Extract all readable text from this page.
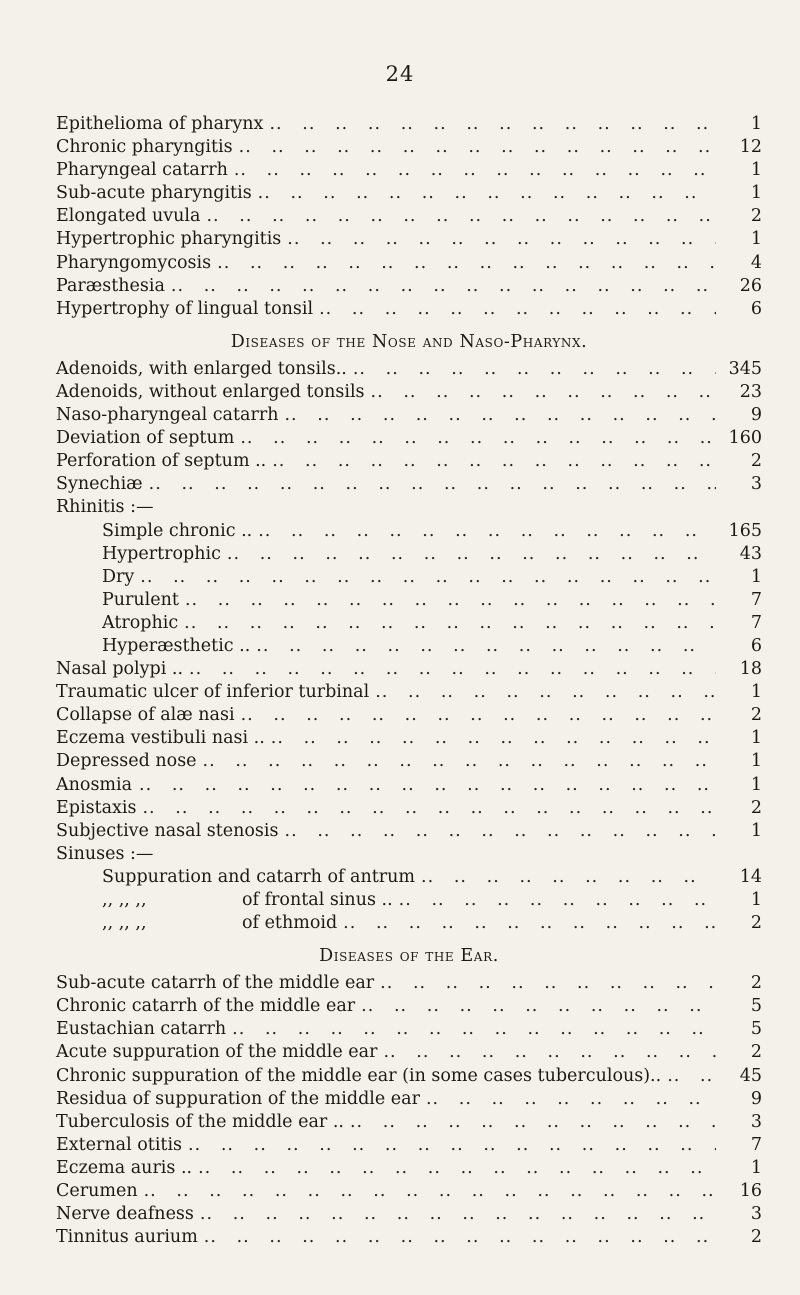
24
Epithelioma of pharynx ..	1
Chronic pharyngitis ..	12
Pharyngeal catarrh ..	1
Sub-acute pharyngitis ..	1
Elongated uvula ..	2
Hypertrophic pharyngitis ..	1
Pharyngomycosis ..	4
Paræsthesia ..	26
Hypertrophy of lingual tonsil ..	6
Diseases of the Nose and Naso-Pharynx.
Adenoids, with enlarged tonsils.. ..	345
Adenoids, without enlarged tonsils ..	23
Naso-pharyngeal catarrh ..	9
Deviation of septum ..	160
Perforation of septum .. ..	2
Synechiæ ..	3
Rhinitis :—
Simple chronic .. ..	165
Hypertrophic ..	43
Dry ..	1
Purulent ..	7
Atrophic ..	7
Hyperæsthetic .. ..	6
Nasal polypi .. ..	18
Traumatic ulcer of inferior turbinal ..	1
Collapse of alæ nasi ..	2
Eczema vestibuli nasi .. ..	1
Depressed nose ..	1
Anosmia ..	1
Epistaxis ..	2
Subjective nasal stenosis ..	1
Sinuses :—
Suppuration and catarrh of antrum ..	14
,, ,, ,,	of frontal sinus .. ..	1
,, ,, ,,	of ethmoid ..	2
Diseases of the Ear.
Sub-acute catarrh of the middle ear ..	2
Chronic catarrh of the middle ear ..	5
Eustachian catarrh ..	5
Acute suppuration of the middle ear ..	2
Chronic suppuration of the middle ear (in some cases tuberculous).. ..	45
Residua of suppuration of the middle ear ..	9
Tuberculosis of the middle ear .. ..	3
External otitis ..	7
Eczema auris .. ..	1
Cerumen ..	16
Nerve deafness ..	3
Tinnitus aurium ..	2
